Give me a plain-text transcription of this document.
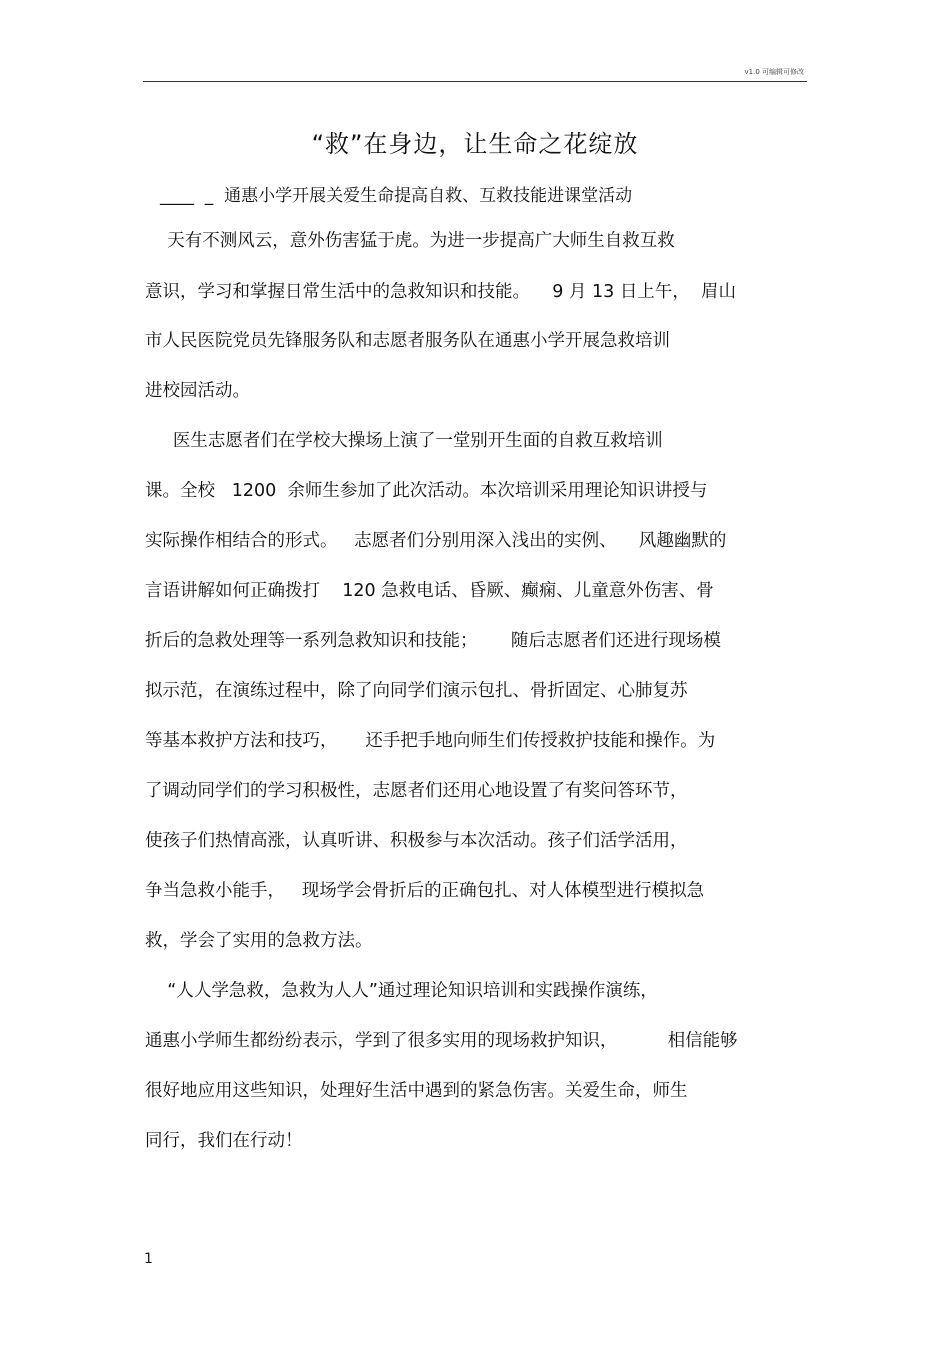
v1.0 可编辑可修改
“救”在身边，让生命之花绽放
____  _  通惠小学开展关爱生命提高自救、互救技能进课堂活动
天有不测风云，意外伤害猛于虎。为进一步提高广大师生自救互救
意识，学习和掌握日常生活中的急救知识和技能。    9 月 13 日上午，  眉山
市人民医院党员先锋服务队和志愿者服务队在通惠小学开展急救培训
进校园活动。
医生志愿者们在学校大操场上演了一堂别开生面的自救互救培训
课。全校   1200  余师生参加了此次活动。本次培训采用理论知识讲授与
实际操作相结合的形式。   志愿者们分别用深入浅出的实例、    风趣幽默的
言语讲解如何正确拨打    120 急救电话、昏厥、癫痫、儿童意外伤害、骨
折后的急救处理等一系列急救知识和技能；      随后志愿者们还进行现场模
拟示范，在演练过程中，除了向同学们演示包扎、骨折固定、心肺复苏
等基本救护方法和技巧，     还手把手地向师生们传授救护技能和操作。为
了调动同学们的学习积极性，志愿者们还用心地设置了有奖问答环节，
使孩子们热情高涨，认真听讲、积极参与本次活动。孩子们活学活用，
争当急救小能手，   现场学会骨折后的正确包扎、对人体模型进行模拟急
救，学会了实用的急救方法。
“人人学急救，急救为人人”通过理论知识培训和实践操作演练，
通惠小学师生都纷纷表示，学到了很多实用的现场救护知识，         相信能够
很好地应用这些知识，处理好生活中遇到的紧急伤害。关爱生命，师生
同行，我们在行动！
1
